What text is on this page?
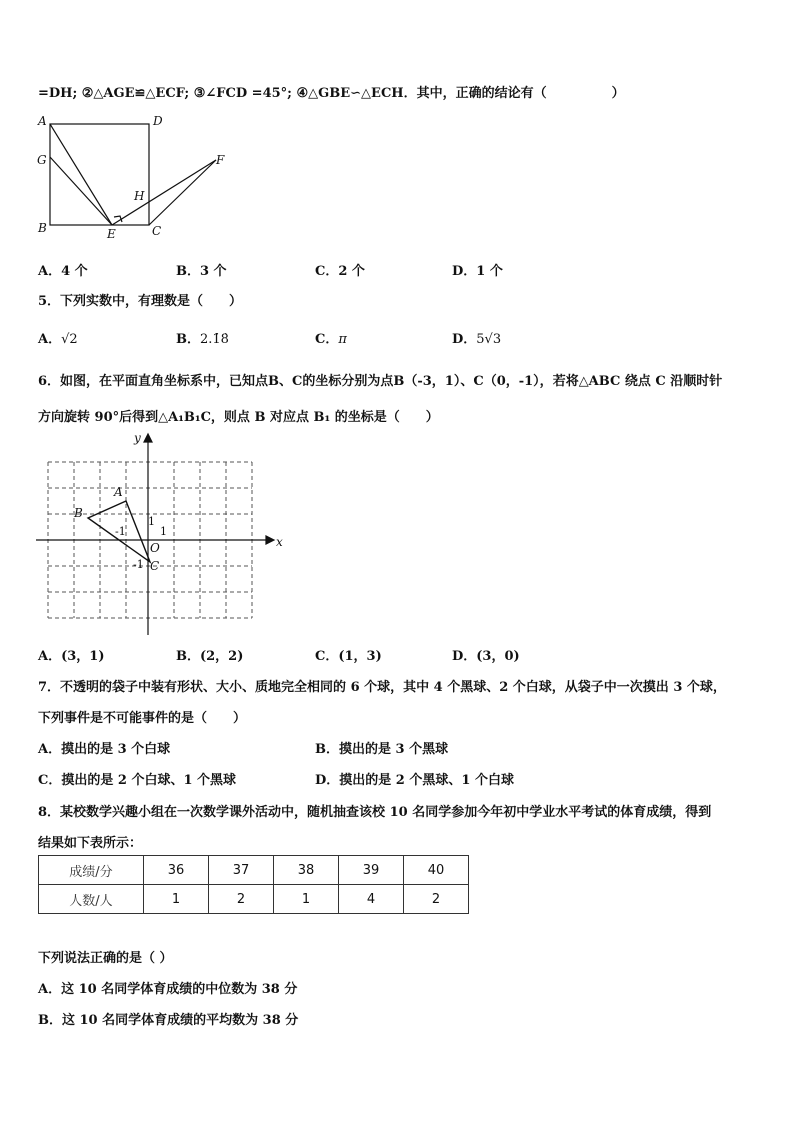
=DH; ②△AGE≌△ECF; ③∠FCD =45°; ④△GBE∽△ECH．其中，正确的结论有（　　　　　）
A	D
G	F
H
B	E	C
A．4 个	B．3 个	C．2 个	D．1 个
5．下列实数中，有理数是（　　）
A．√2	B．2.1̇8̇	C．π	D．5√3
6．如图，在平面直角坐标系中，已知点B、C的坐标分别为点B（-3，1）、C（0，-1），若将△ABC 绕点 C 沿顺时针
方向旋转 90°后得到△A₁B₁C，则点 B 对应点 B₁ 的坐标是（　　）
x
y
A
B
C
O
-1
1
1
-1
A．(3，1)	B．(2，2)	C．(1，3)	D．(3，0)
7．不透明的袋子中装有形状、大小、质地完全相同的 6 个球，其中 4 个黑球、2 个白球，从袋子中一次摸出 3 个球，
下列事件是不可能事件的是（　　）
A．摸出的是 3 个白球	B．摸出的是 3 个黑球
C．摸出的是 2 个白球、1 个黑球	D．摸出的是 2 个黑球、1 个白球
8．某校数学兴趣小组在一次数学课外活动中，随机抽查该校 10 名同学参加今年初中学业水平考试的体育成绩，得到
结果如下表所示：
成绩/分	36	37	38	39	40
人数/人	1	2	1	4	2
下列说法正确的是（ ）
A．这 10 名同学体育成绩的中位数为 38 分
B．这 10 名同学体育成绩的平均数为 38 分
